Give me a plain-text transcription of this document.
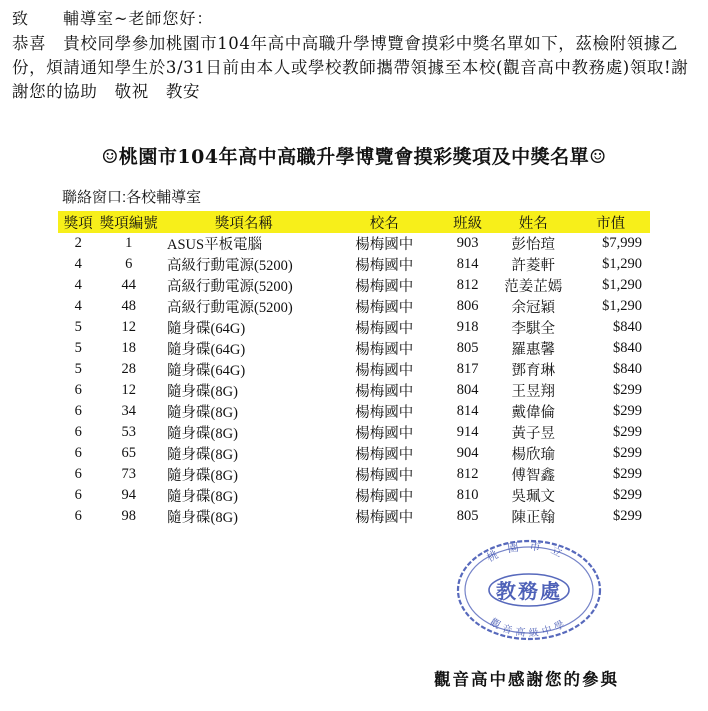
致　　輔導室~老師您好：
恭喜　貴校同學參加桃園市104年高中高職升學博覽會摸彩中獎名單如下，茲檢附領據乙份，煩請通知學生於3/31日前由本人或學校教師攜帶領據至本校(觀音高中教務處)領取!謝謝您的協助　敬祝　教安
☺桃園市104年高中高職升學博覽會摸彩獎項及中獎名單☺
聯絡窗口:各校輔導室
獎項	獎項編號	獎項名稱	校名	班級	姓名	市值
2	1	ASUS平板電腦	楊梅國中	903	彭怡瑄	$7,999
4	6	高級行動電源(5200)	楊梅國中	814	許菱軒	$1,290
4	44	高級行動電源(5200)	楊梅國中	812	范姜芷嫣	$1,290
4	48	高級行動電源(5200)	楊梅國中	806	余冠穎	$1,290
5	12	隨身碟(64G)	楊梅國中	918	李騏全	$840
5	18	隨身碟(64G)	楊梅國中	805	羅惠馨	$840
5	28	隨身碟(64G)	楊梅國中	817	鄧育琳	$840
6	12	隨身碟(8G)	楊梅國中	804	王昱翔	$299
6	34	隨身碟(8G)	楊梅國中	814	戴偉倫	$299
6	53	隨身碟(8G)	楊梅國中	914	黃子昱	$299
6	65	隨身碟(8G)	楊梅國中	904	楊欣瑜	$299
6	73	隨身碟(8G)	楊梅國中	812	傅智鑫	$299
6	94	隨身碟(8G)	楊梅國中	810	吳珮文	$299
6	98	隨身碟(8G)	楊梅國中	805	陳正翰	$299
桃園市立
教務處
觀音高級中學
觀音高中感謝您的參與
